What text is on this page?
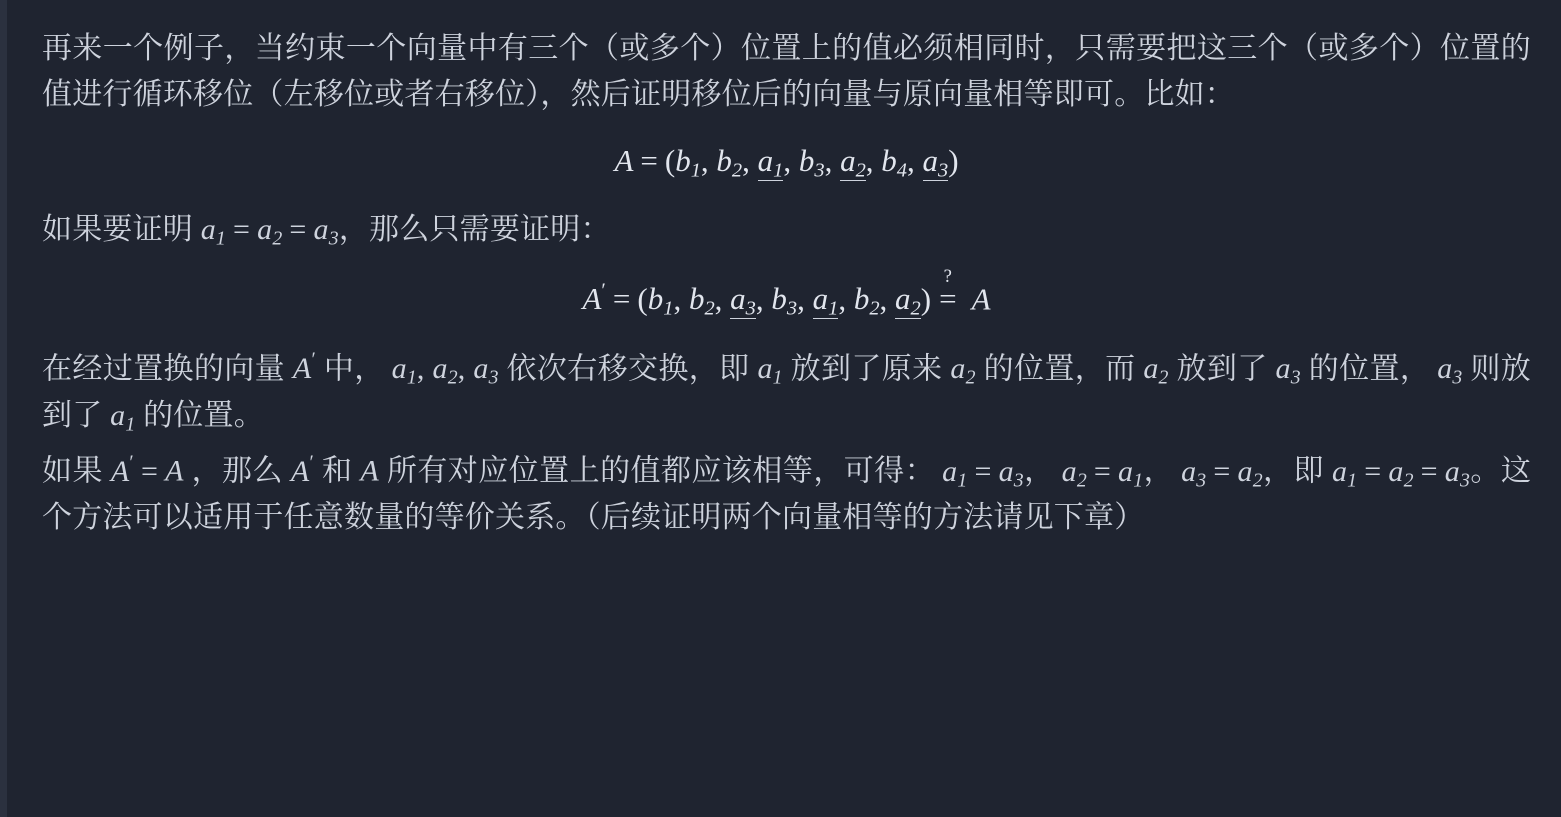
再来一个例子，当约束一个向量中有三个（或多个）位置上的值必须相同时，只需要把这三个（或多个）位置的值进行循环移位（左移位或者右移位），然后证明移位后的向量与原向量相等即可。比如：

$A = (b_1$, $b_2$, $a_1$, $b_3$, $a_2$, $b_4$, $a_3$)

如果要证明 $a_1 = a_2 = a_3$，那么只需要证明：

$A' = (b_1$, $b_2$, $a_3$, $b_3$, $a_1$, $b_2$, $a_2$)
?
= A

在经过置换的向量 A′ 中， $a_1$, $a_2$, $a_3$ 依次右移交换，即 $a_1$ 放到了原来 $a_2$ 的位置，而 $a_2$ 放到了 $a_3$ 的位置， $a_3$ 则放到了 $a_1$ 的位置。

如果 A′ = A ，那么 A′ 和 A 所有对应位置上的值都应该相等，可得： $a_1 = a_3$， $a_2 = a_1$， $a_3 = a_2$，即 $a_1 = a_2 = a_3$。这个方法可以适用于任意数量的等价关系。（后续证明两个向量相等的方法请见下章）
